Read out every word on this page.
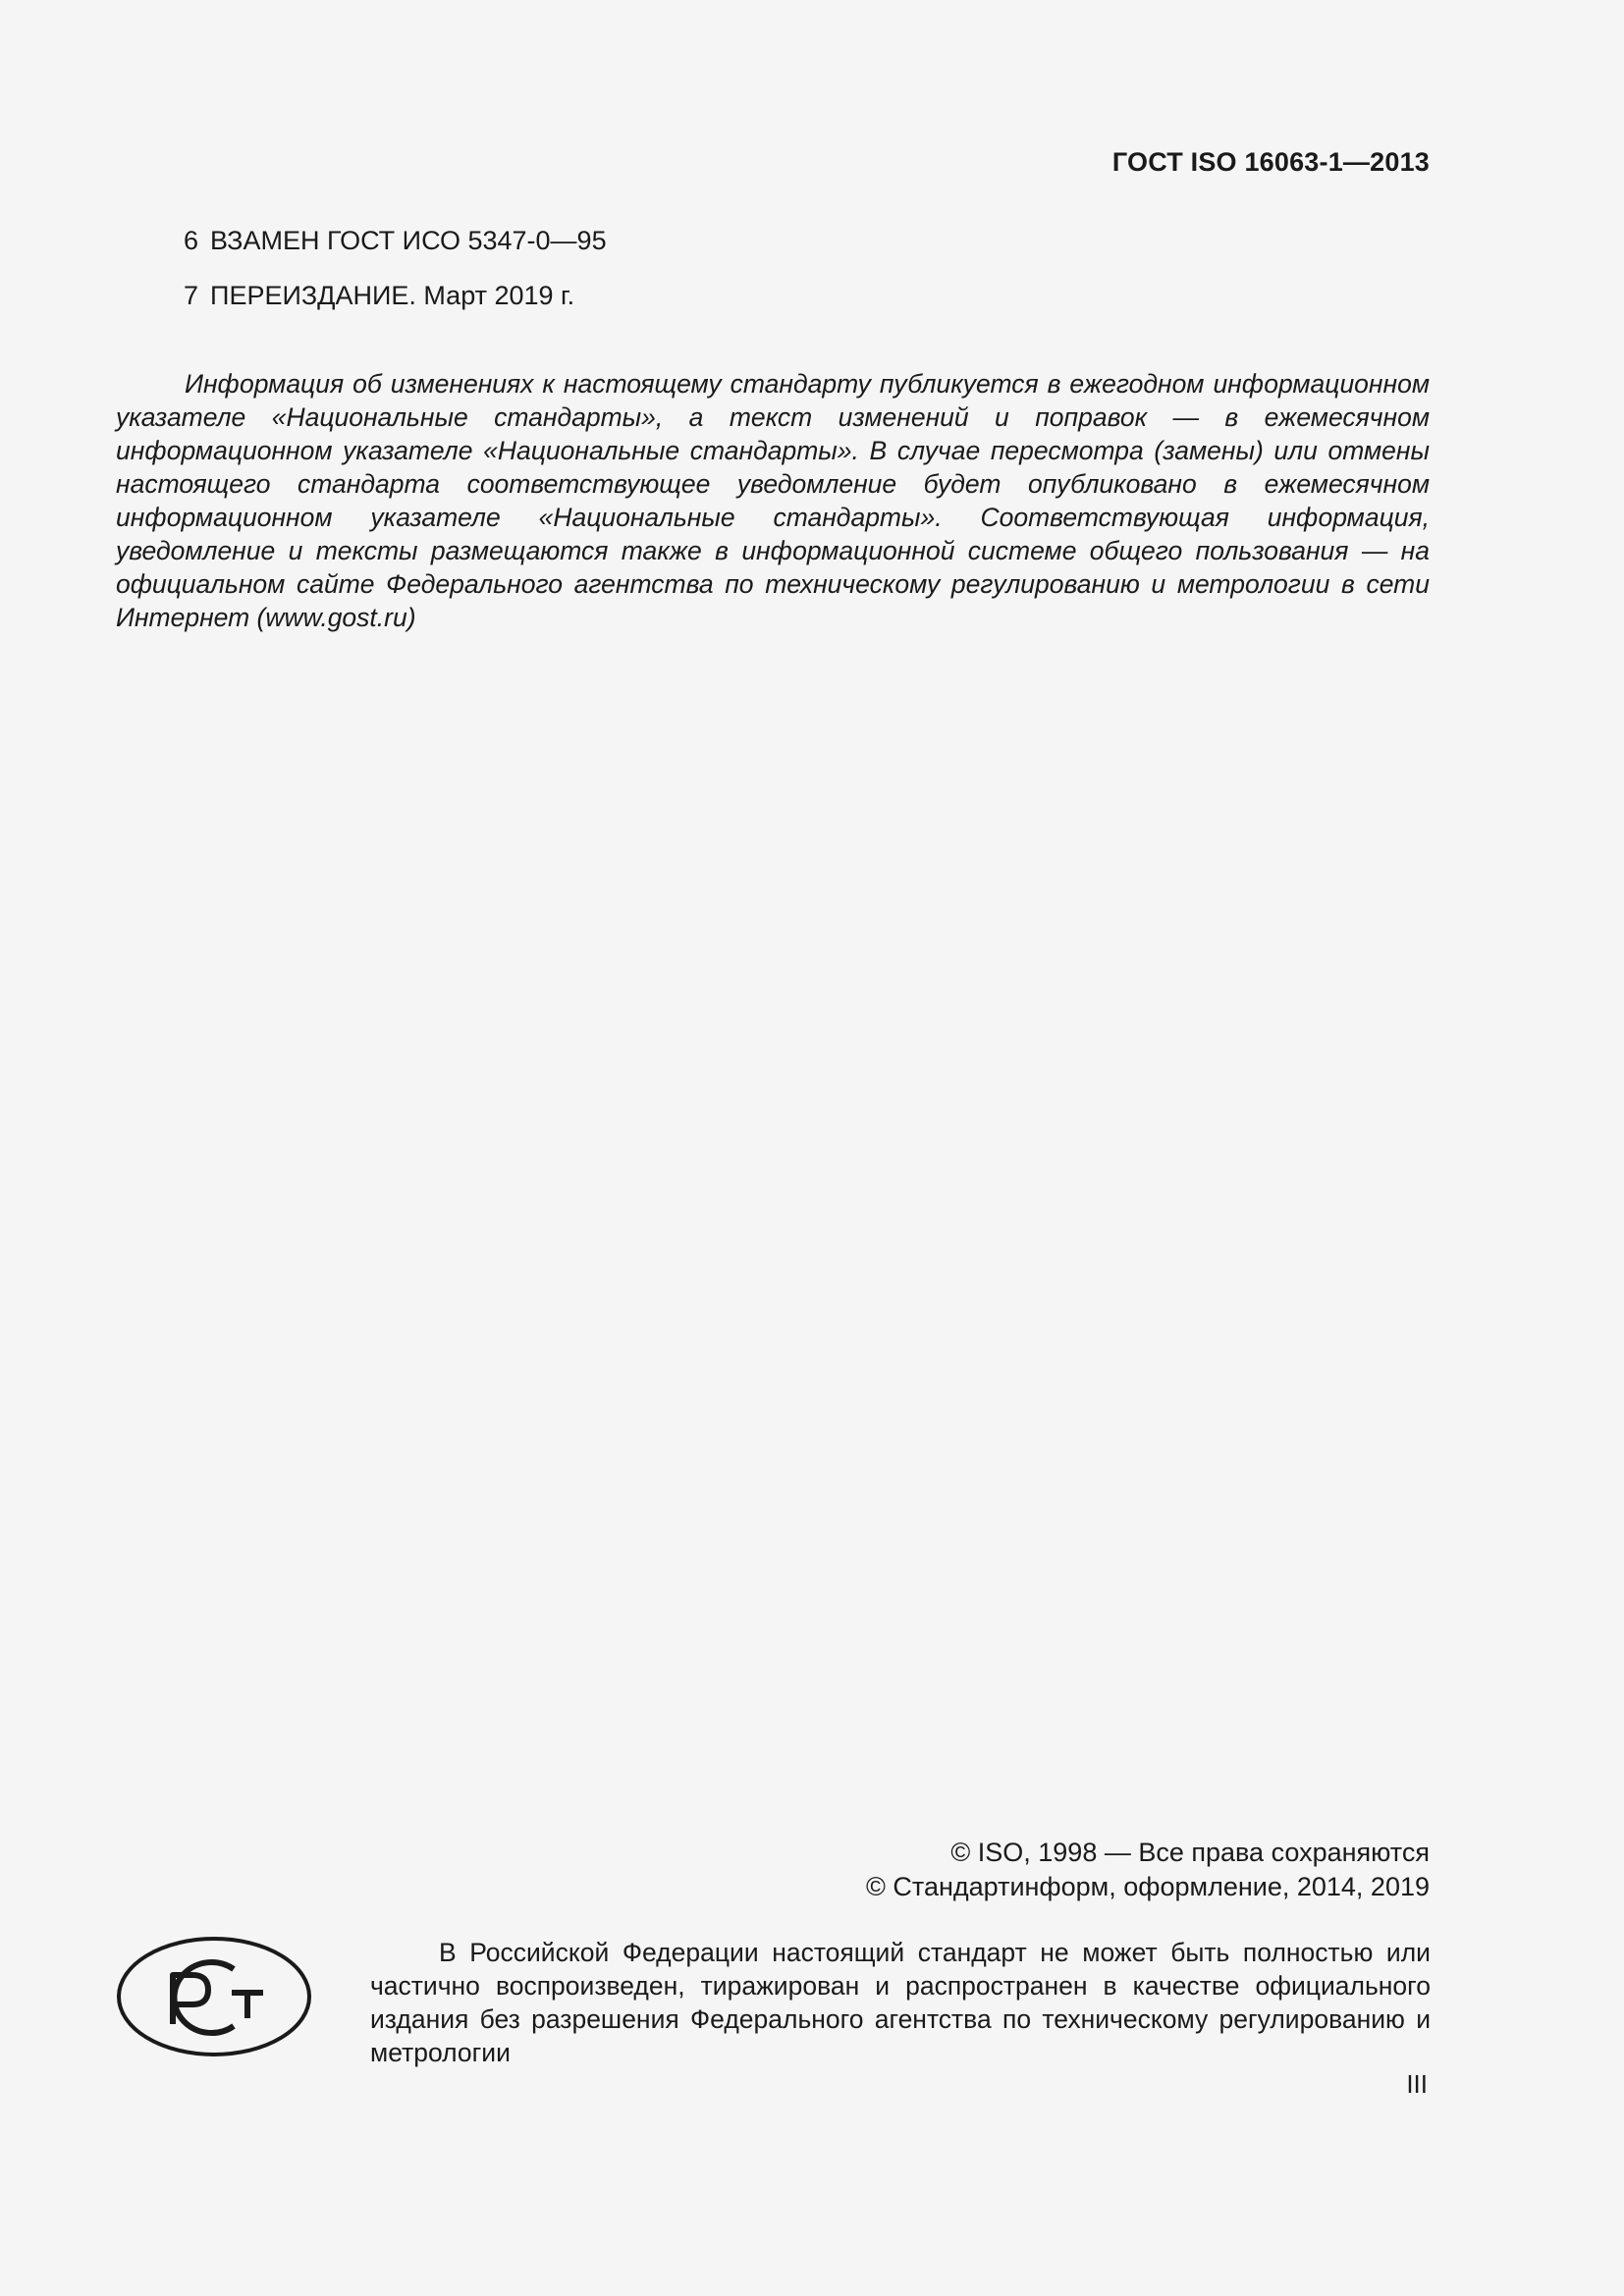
ГОСТ ISO 16063-1—2013
6 ВЗАМЕН ГОСТ ИСО 5347-0—95
7 ПЕРЕИЗДАНИЕ. Март 2019 г.
Информация об изменениях к настоящему стандарту публикуется в ежегодном информационном указателе «Национальные стандарты», а текст изменений и поправок — в ежемесячном информационном указателе «Национальные стандарты». В случае пересмотра (замены) или отмены настоящего стандарта соответствующее уведомление будет опубликовано в ежемесячном информационном указателе «Национальные стандарты». Соответствующая информация, уведомление и тексты размещаются также в информационной системе общего пользования — на официальном сайте Федерального агентства по техническому регулированию и метрологии в сети Интернет (www.gost.ru)
© ISO, 1998 — Все права сохраняются
© Стандартинформ, оформление, 2014, 2019
В Российской Федерации настоящий стандарт не может быть полностью или частично воспроизведен, тиражирован и распространен в качестве официального издания без разрешения Федерального агентства по техническому регулированию и метрологии
III
